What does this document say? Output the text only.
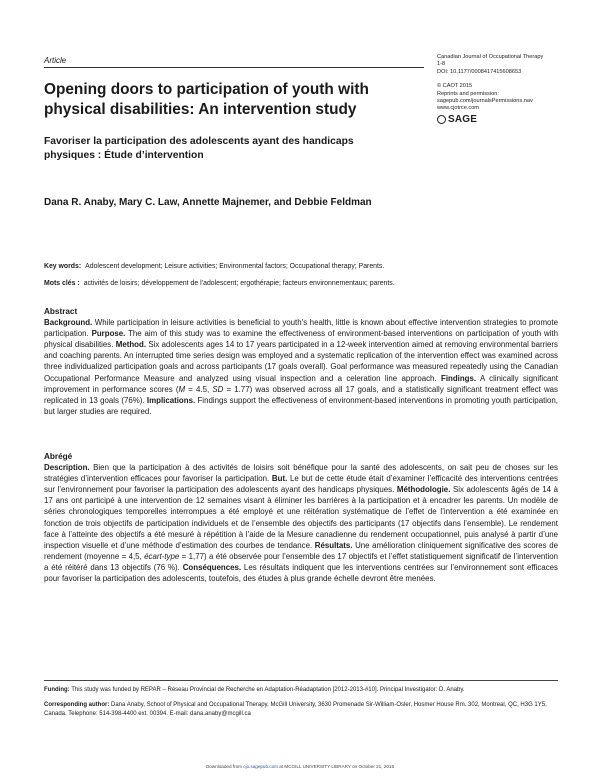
Article	Canadian Journal of Occupational Therapy
1-8
DOI: 10.1177/0008417415608653
© CAOT 2015
Reprints and permission:
sagepub.com/journalsPermissions.nav
www.cjotrce.com
SAGE
Opening doors to participation of youth with physical disabilities: An intervention study
Favoriser la participation des adolescents ayant des handicaps physiques : Étude d’intervention
Dana R. Anaby, Mary C. Law, Annette Majnemer, and Debbie Feldman
Key words: Adolescent development; Leisure activities; Environmental factors; Occupational therapy; Parents.
Mots clés : activités de loisirs; développement de l’adolescent; ergothérapie; facteurs environnementaux; parents.
Abstract
Background. While participation in leisure activities is beneficial to youth’s health, little is known about effective intervention strategies to promote participation. Purpose. The aim of this study was to examine the effectiveness of environment-based interventions on participation of youth with physical disabilities. Method. Six adolescents ages 14 to 17 years participated in a 12-week intervention aimed at removing environmental barriers and coaching parents. An interrupted time series design was employed and a systematic replication of the intervention effect was examined across three individualized participation goals and across participants (17 goals overall). Goal performance was measured repeatedly using the Canadian Occupational Performance Measure and analyzed using visual inspection and a celeration line approach. Findings. A clinically significant improvement in performance scores (M = 4.5, SD = 1.77) was observed across all 17 goals, and a statistically significant treatment effect was replicated in 13 goals (76%). Implications. Findings support the effectiveness of environment-based interventions in promoting youth participation, but larger studies are required.
Abrégé
Description. Bien que la participation à des activités de loisirs soit bénéfique pour la santé des adolescents, on sait peu de choses sur les stratégies d’intervention efficaces pour favoriser la participation. But. Le but de cette étude était d’examiner l’efficacité des interventions centrées sur l’environnement pour favoriser la participation des adolescents ayant des handicaps physiques. Méthodologie. Six adolescents âgés de 14 à 17 ans ont participé à une intervention de 12 semaines visant à éliminer les barrières à la participation et à encadrer les parents. Un modèle de séries chronologiques temporelles interrompues a été employé et une réitération systématique de l’effet de l’intervention a été examinée en fonction de trois objectifs de participation individuels et de l’ensemble des objectifs des participants (17 objectifs dans l’ensemble). Le rendement face à l’atteinte des objectifs a été mesuré à répétition à l’aide de la Mesure canadienne du rendement occupationnel, puis analysé à partir d’une inspection visuelle et d’une méthode d’estimation des courbes de tendance. Résultats. Une amélioration cliniquement significative des scores de rendement (moyenne = 4,5, écart-type = 1,77) a été observée pour l’ensemble des 17 objectifs et l’effet statistiquement significatif de l’intervention a été réitéré dans 13 objectifs (76 %). Conséquences. Les résultats indiquent que les interventions centrées sur l’environnement sont efficaces pour favoriser la participation des adolescents, toutefois, des études à plus grande échelle devront être menées.
Funding: This study was funded by REPAR – Réseau Provincial de Recherche en Adaptation-Réadaptation [2012-2013-#10]. Principal Investigator: D. Anaby.
Corresponding author: Dana Anaby, School of Physical and Occupational Therapy, McGill University, 3630 Promenade Sir-William-Osler, Hosmer House Rm. 302, Montreal, QC, H3G 1Y5, Canada. Telephone: 514-398-4400 ext. 00394. E-mail: dana.anaby@mcgill.ca
Downloaded from cjo.sagepub.com at MCGILL UNIVERSITY LIBRARY on October 21, 2015
